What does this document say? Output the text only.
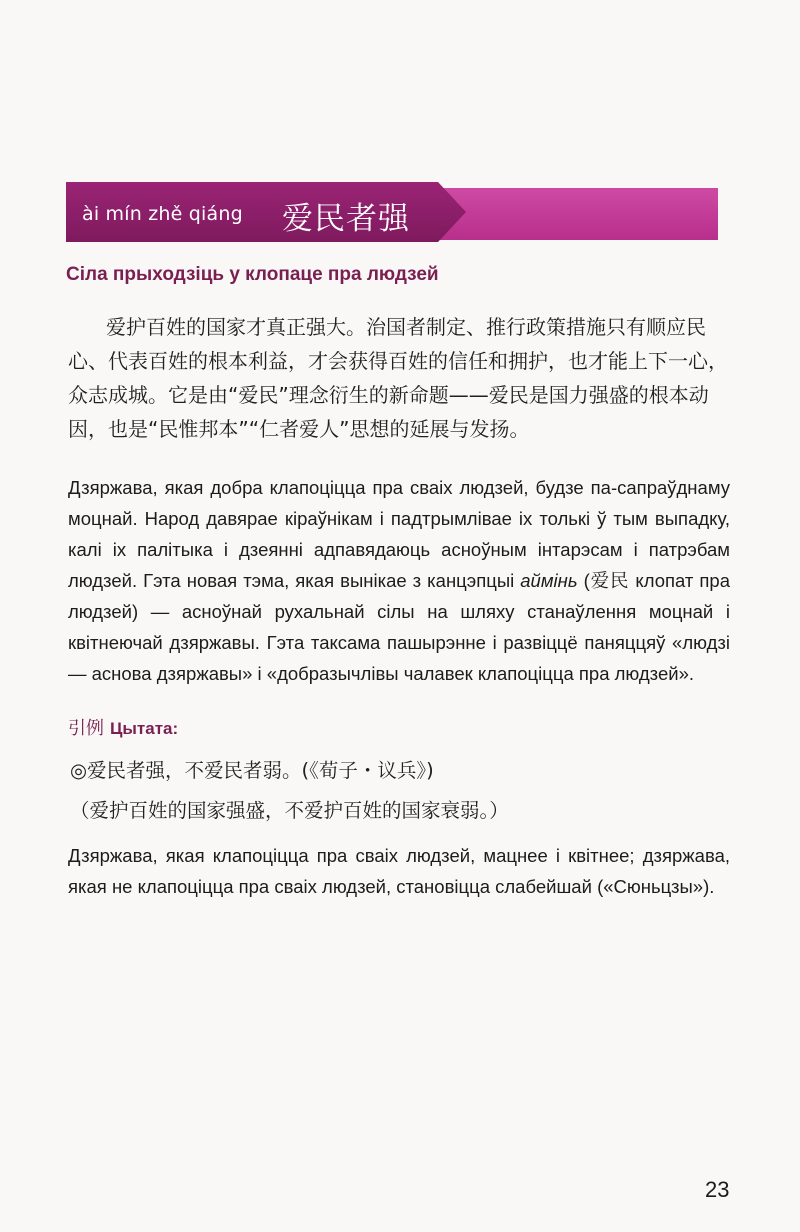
ài mín zhě qiáng 爱民者强
Сіла прыходзіць у клопаце пра людзей

爱护百姓的国家才真正强大。治国者制定、推行政策措施只有顺应民心、代表百姓的根本利益，才会获得百姓的信任和拥护，也才能上下一心，众志成城。它是由“爱民”理念衍生的新命题——爱民是国力强盛的根本动因，也是“民惟邦本”“仁者爱人”思想的延展与发扬。

Дзяржава, якая добра клапоціцца пра сваіх людзей, будзе па-сапраўднаму моцнай. Народ давярае кіраўнікам і падтрымлівае іх толькі ў тым выпадку, калі іх палітыка і дзеянні адпавядаюць асноўным інтарэсам і патрэбам людзей. Гэта новая тэма, якая вынікае з канцэпцыі аймінь (爱民 клопат пра людзей) — асноўнай рухальнай сілы на шляху станаўлення моцнай і квітнеючай дзяржавы. Гэта таксама пашырэнне і развіццё паняццяў «людзі — аснова дзяржавы» і «добразычлівы чалавек клапоціцца пра людзей».

引例 Цытата:

◎爱民者强，不爱民者弱。(《荀子・议兵》)

（爱护百姓的国家强盛，不爱护百姓的国家衰弱。）

Дзяржава, якая клапоціцца пра сваіх людзей, мацнее і квітнее; дзяржава, якая не клапоціцца пра сваіх людзей, становіцца слабейшай («Сюньцзы»).

23
